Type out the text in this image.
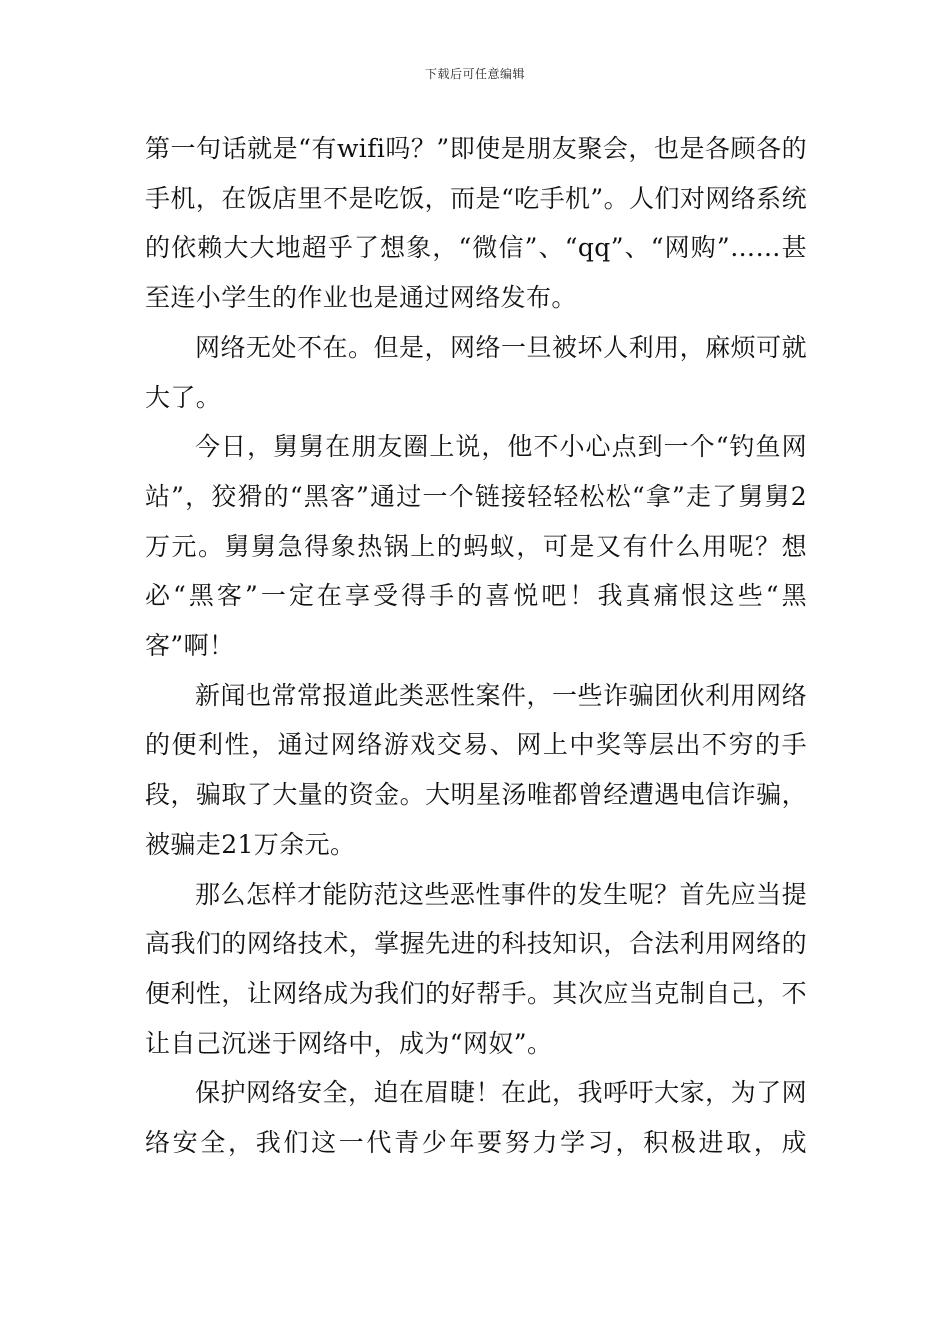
下载后可任意编辑

第一句话就是“有wifi吗？”即使是朋友聚会，也是各顾各的手机，在饭店里不是吃饭，而是“吃手机”。人们对网络系统的依赖大大地超乎了想象，“微信”、“qq”、“网购”……甚至连小学生的作业也是通过网络发布。

网络无处不在。但是，网络一旦被坏人利用，麻烦可就大了。

今日，舅舅在朋友圈上说，他不小心点到一个“钓鱼网站”，狡猾的“黑客”通过一个链接轻轻松松“拿”走了舅舅2万元。舅舅急得象热锅上的蚂蚁，可是又有什么用呢？想必“黑客”一定在享受得手的喜悦吧！我真痛恨这些“黑客”啊！

新闻也常常报道此类恶性案件，一些诈骗团伙利用网络的便利性，通过网络游戏交易、网上中奖等层出不穷的手段，骗取了大量的资金。大明星汤唯都曾经遭遇电信诈骗，被骗走21万余元。

那么怎样才能防范这些恶性事件的发生呢？首先应当提高我们的网络技术，掌握先进的科技知识，合法利用网络的便利性，让网络成为我们的好帮手。其次应当克制自己，不让自己沉迷于网络中，成为“网奴”。

保护网络安全，迫在眉睫！在此，我呼吁大家，为了网络安全，我们这一代青少年要努力学习，积极进取，成
